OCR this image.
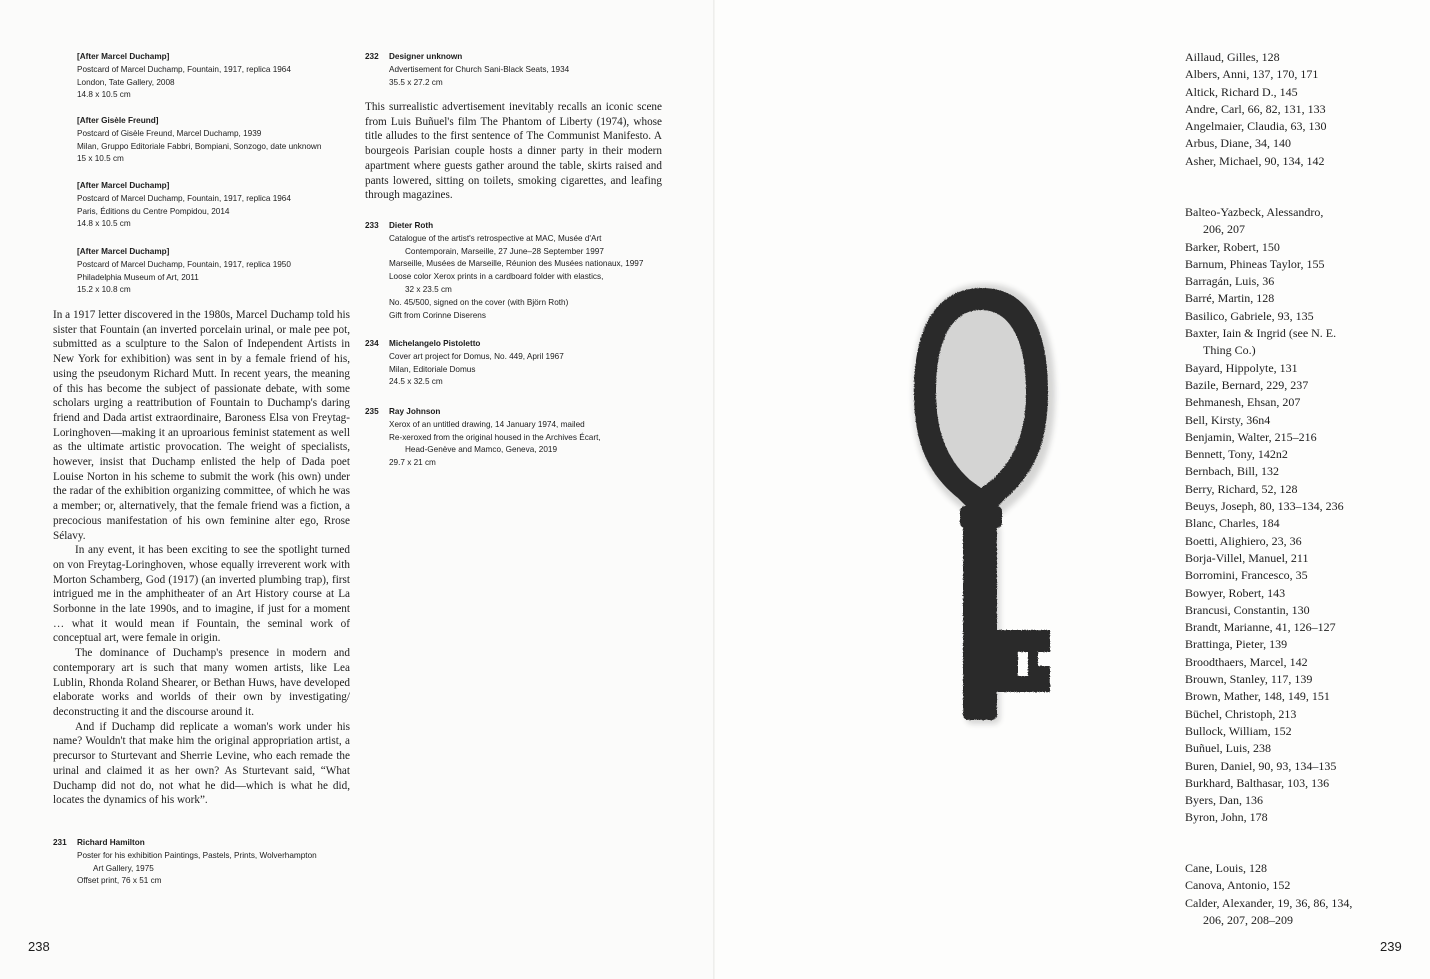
[After Marcel Duchamp]
Postcard of Marcel Duchamp, Fountain, 1917, replica 1964
London, Tate Gallery, 2008
14.8 x 10.5 cm
[After Gisèle Freund]
Postcard of Gisèle Freund, Marcel Duchamp, 1939
Milan, Gruppo Editoriale Fabbri, Bompiani, Sonzogo, date unknown
15 x 10.5 cm
[After Marcel Duchamp]
Postcard of Marcel Duchamp, Fountain, 1917, replica 1964
Paris, Éditions du Centre Pompidou, 2014
14.8 x 10.5 cm
[After Marcel Duchamp]
Postcard of Marcel Duchamp, Fountain, 1917, replica 1950
Philadelphia Museum of Art, 2011
15.2 x 10.8 cm

In a 1917 letter discovered in the 1980s, Marcel Duchamp told his sister that Fountain (an inverted porcelain urinal, or male pee pot, submitted as a sculpture to the Salon of Independent Artists in New York for exhibition) was sent in by a female friend of his, using the pseudonym Richard Mutt. In recent years, the meaning of this has become the subject of passionate debate, with some scholars urging a reattribution of Fountain to Duchamp's daring friend and Dada artist extraordinaire, Baroness Elsa von Freytag-Loringhoven—making it an uproarious feminist statement as well as the ultimate artistic provocation. The weight of specialists, however, insist that Duchamp enlisted the help of Dada poet Louise Norton in his scheme to submit the work (his own) under the radar of the exhibition organizing committee, of which he was a member; or, alternatively, that the female friend was a fiction, a precocious manifestation of his own feminine alter ego, Rrose Sélavy.

In any event, it has been exciting to see the spotlight turned on von Freytag-Loringhoven, whose equally irreverent work with Morton Schamberg, God (1917) (an inverted plumbing trap), first intrigued me in the amphitheater of an Art History course at La Sorbonne in the late 1990s, and to imagine, if just for a moment … what it would mean if Fountain, the seminal work of conceptual art, were female in origin.

The dominance of Duchamp's presence in modern and contemporary art is such that many women artists, like Lea Lublin, Rhonda Roland Shearer, or Bethan Huws, have developed elaborate works and worlds of their own by investigating/ deconstructing it and the discourse around it.

And if Duchamp did replicate a woman's work under his name? Wouldn't that make him the original appropriation artist, a precursor to Sturtevant and Sherrie Levine, who each remade the urinal and claimed it as her own? As Sturtevant said, “What Duchamp did not do, not what he did—which is what he did, locates the dynamics of his work”.

231 Richard Hamilton
Poster for his exhibition Paintings, Pastels, Prints, Wolverhampton
Art Gallery, 1975
Offset print, 76 x 51 cm
232 Designer unknown
Advertisement for Church Sani-Black Seats, 1934
35.5 x 27.2 cm

This surrealistic advertisement inevitably recalls an iconic scene from Luis Buñuel's film The Phantom of Liberty (1974), whose title alludes to the first sentence of The Communist Manifesto. A bourgeois Parisian couple hosts a dinner party in their modern apartment where guests gather around the table, skirts raised and pants lowered, sitting on toilets, smoking cigarettes, and leafing through magazines.

233 Dieter Roth
Catalogue of the artist's retrospective at MAC, Musée d'Art
Contemporain, Marseille, 27 June–28 September 1997
Marseille, Musées de Marseille, Réunion des Musées nationaux, 1997
Loose color Xerox prints in a cardboard folder with elastics,
32 x 23.5 cm
No. 45/500, signed on the cover (with Björn Roth)
Gift from Corinne Diserens
234 Michelangelo Pistoletto
Cover art project for Domus, No. 449, April 1967
Milan, Editoriale Domus
24.5 x 32.5 cm
235 Ray Johnson
Xerox of an untitled drawing, 14 January 1974, mailed
Re-xeroxed from the original housed in the Archives Écart,
Head-Genève and Mamco, Geneva, 2019
29.7 x 21 cm
238
Aillaud, Gilles, 128
Albers, Anni, 137, 170, 171
Altick, Richard D., 145
Andre, Carl, 66, 82, 131, 133
Angelmaier, Claudia, 63, 130
Arbus, Diane, 34, 140
Asher, Michael, 90, 134, 142
Balteo-Yazbeck, Alessandro,
206, 207
Barker, Robert, 150
Barnum, Phineas Taylor, 155
Barragán, Luis, 36
Barré, Martin, 128
Basilico, Gabriele, 93, 135
Baxter, Iain & Ingrid (see N. E.
Thing Co.)
Bayard, Hippolyte, 131
Bazile, Bernard, 229, 237
Behmanesh, Ehsan, 207
Bell, Kirsty, 36n4
Benjamin, Walter, 215–216
Bennett, Tony, 142n2
Bernbach, Bill, 132
Berry, Richard, 52, 128
Beuys, Joseph, 80, 133–134, 236
Blanc, Charles, 184
Boetti, Alighiero, 23, 36
Borja-Villel, Manuel, 211
Borromini, Francesco, 35
Bowyer, Robert, 143
Brancusi, Constantin, 130
Brandt, Marianne, 41, 126–127
Brattinga, Pieter, 139
Broodthaers, Marcel, 142
Brouwn, Stanley, 117, 139
Brown, Mather, 148, 149, 151
Büchel, Christoph, 213
Bullock, William, 152
Buñuel, Luis, 238
Buren, Daniel, 90, 93, 134–135
Burkhard, Balthasar, 103, 136
Byers, Dan, 136
Byron, John, 178
Cane, Louis, 128
Canova, Antonio, 152
Calder, Alexander, 19, 36, 86, 134,
206, 207, 208–209
239
